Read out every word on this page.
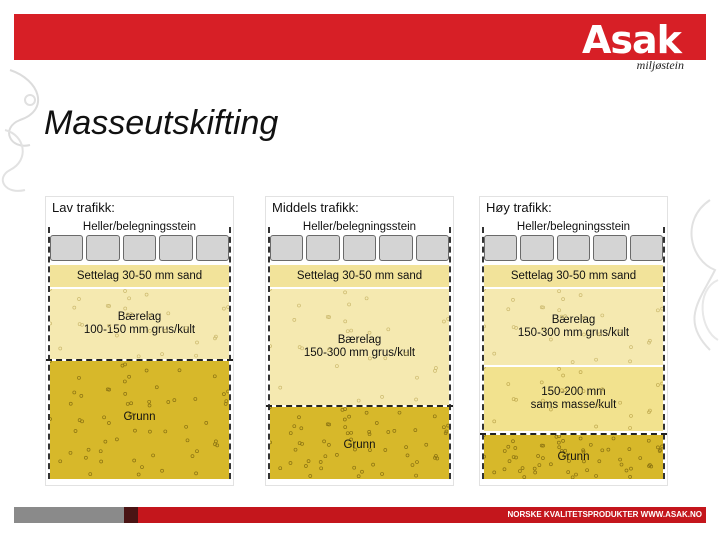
Asak
miljøstein
Masseutskifting
Lav trafikk:
Heller/belegningsstein
Settelag 30-50 mm sand
Bærelag
100-150 mm grus/kult
Grunn
Middels trafikk:
Heller/belegningsstein
Settelag 30-50 mm sand
Bærelag
150-300 mm grus/kult
Grunn
Høy trafikk:
Heller/belegningsstein
Settelag 30-50 mm sand
Bærelag
150-300 mm grus/kult
150-200 mm
sams masse/kult
Grunn
NORSKE KVALITETSPRODUKTER WWW.ASAK.NO
